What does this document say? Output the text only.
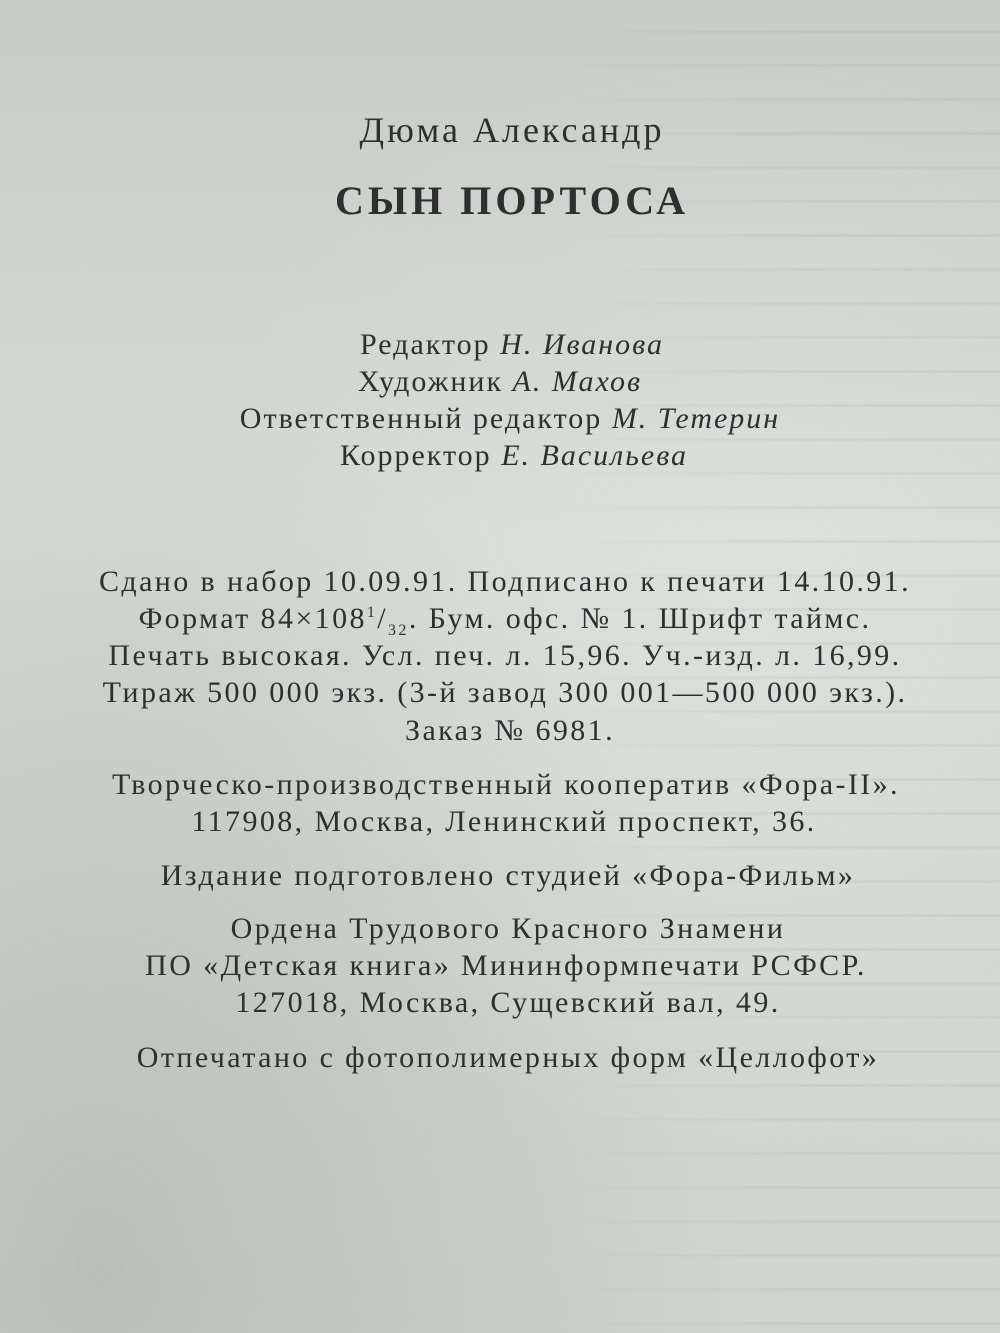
Дюма Александр
СЫН ПОРТОСА
Редактор Н. Иванова
Художник А. Махов
Ответственный редактор М. Тетерин
Корректор Е. Васильева
Сдано в набор 10.09.91. Подписано к печати 14.10.91.
Формат $84\times 108^1/_{32}$. Бум. офс. № 1. Шрифт таймс.
Печать высокая. Усл. печ. л. 15,96. Уч.-изд. л. 16,99.
Тираж 500 000 экз. (3-й завод 300 001—500 000 экз.).
Заказ № 6981.
Творческо-производственный кооператив «Фора-II».
117908, Москва, Ленинский проспект, 36.
Издание подготовлено студией «Фора-Фильм»
Ордена Трудового Красного Знамени
ПО «Детская книга» Мининформпечати РСФСР.
127018, Москва, Сущевский вал, 49.
Отпечатано с фотополимерных форм «Целлофот»
